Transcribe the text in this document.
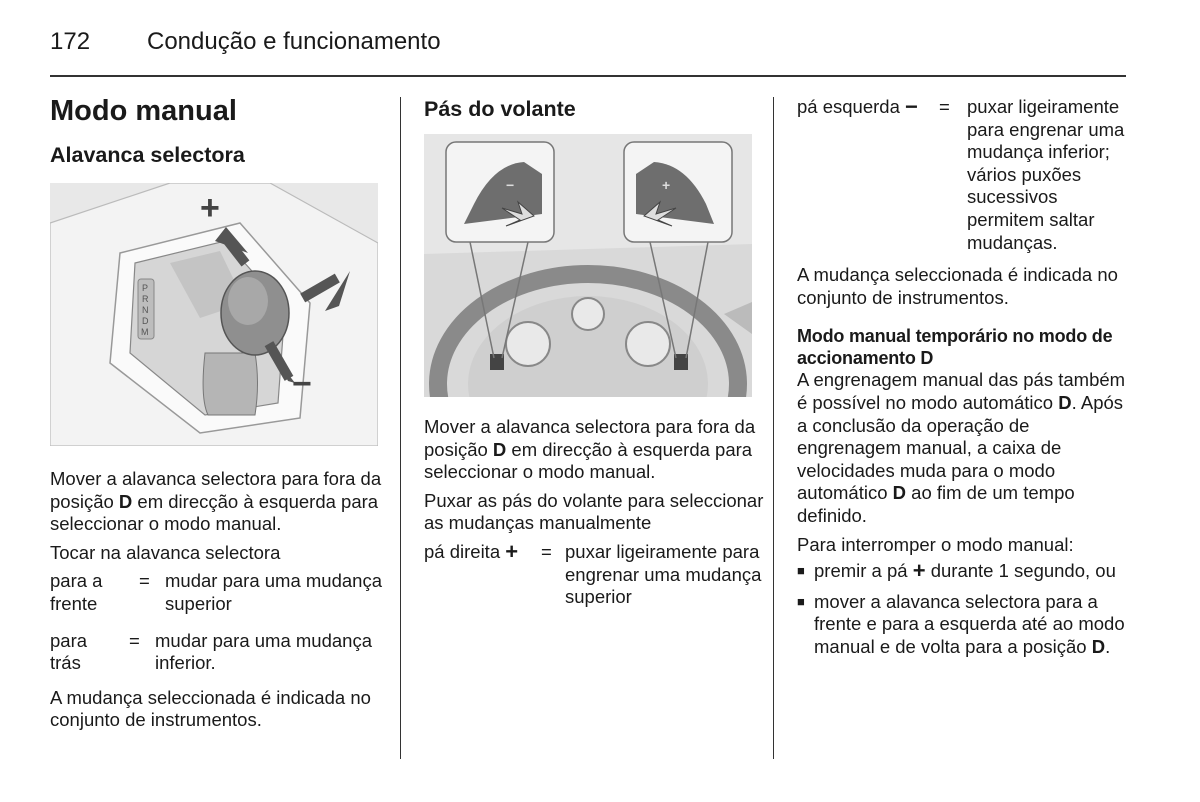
172 Condução e funcionamento
Modo manual
Alavanca selectora
P
R
N
D
M
+
−

Mover a alavanca selectora para fora da posição D em direcção à esquerda para seleccionar o modo manual.

Tocar na alavanca selectora

para a frente
= mudar para uma mudança superior
para trás
= mudar para uma mudança inferior.

A mudança seleccionada é indicada no conjunto de instrumentos.

Pás do volante
−	+

Mover a alavanca selectora para fora da posição D em direcção à esquerda para seleccionar o modo manual.

Puxar as pás do volante para seleccionar as mudanças manualmente

pá direita +	= puxar ligeiramente para engrenar uma mudança superior
pá esquerda −	= puxar ligeiramente para engrenar uma mudança inferior; vários puxões sucessivos permitem saltar mudanças.

A mudança seleccionada é indicada no conjunto de instrumentos.

Modo manual temporário no modo de accionamento D

A engrenagem manual das pás também é possível no modo automático D. Após a conclusão da operação de engrenagem manual, a caixa de velocidades muda para o modo automático D ao fim de um tempo definido.

Para interromper o modo manual:

■ premir a pá + durante 1 segundo, ou
■ mover a alavanca selectora para a frente e para a esquerda até ao modo manual e de volta para a posição D.
